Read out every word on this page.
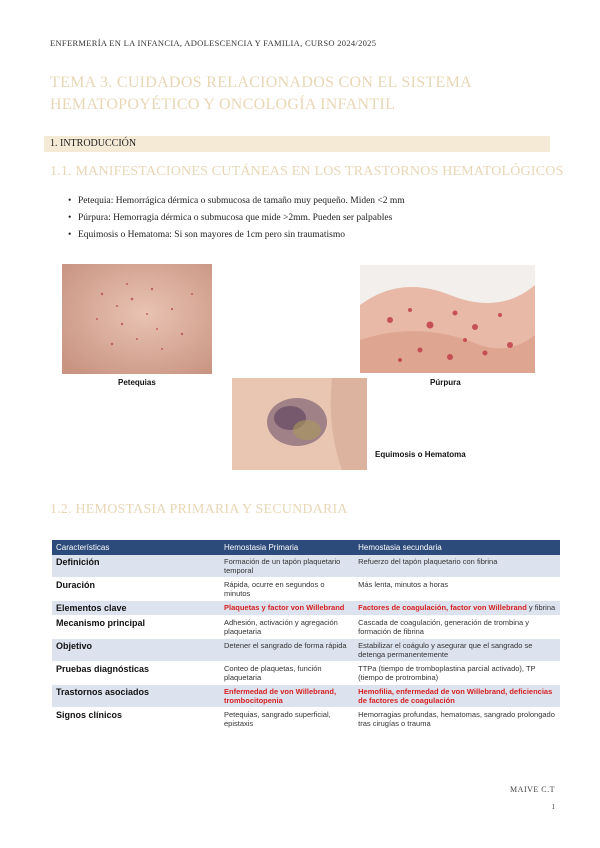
ENFERMERÍA EN LA INFANCIA, ADOLESCENCIA Y FAMILIA, CURSO 2024/2025
TEMA 3. CUIDADOS RELACIONADOS CON EL SISTEMA HEMATOPOYÉTICO Y ONCOLOGÍA INFANTIL
1. INTRODUCCIÓN
1.1. MANIFESTACIONES CUTÁNEAS EN LOS TRASTORNOS HEMATOLÓGICOS
• Petequia: Hemorrágica dérmica o submucosa de tamaño muy pequeño. Miden <2 mm
• Púrpura: Hemorragia dérmica o submucosa que mide >2mm. Pueden ser palpables
• Equimosis o Hematoma: Si son mayores de 1cm pero sin traumatismo
Petequias	Púrpura
Equimosis o Hematoma
1.2. HEMOSTASIA PRIMARIA Y SECUNDARIA
Características	Hemostasia Primaria	Hemostasia secundaria
Definición	Formación de un tapón plaquetario temporal	Refuerzo del tapón plaquetario con fibrina
Duración	Rápida, ocurre en segundos o minutos	Más lenta, minutos a horas
Elementos clave	Plaquetas y factor von Willebrand	Factores de coagulación, factor von Willebrand y fibrina
Mecanismo principal	Adhesión, activación y agregación plaquetaria	Cascada de coagulación, generación de trombina y formación de fibrina
Objetivo	Detener el sangrado de forma rápida	Estabilizar el coágulo y asegurar que el sangrado se detenga permanentemente
Pruebas diagnósticas	Conteo de plaquetas, función plaquetaria	TTPa (tiempo de tromboplastina parcial activado), TP (tiempo de protrombina)
Trastornos asociados	Enfermedad de von Willebrand, trombocitopenia	Hemofilia, enfermedad de von Willebrand, deficiencias de factores de coagulación
Signos clínicos	Petequias, sangrado superficial, epistaxis	Hemorragias profundas, hematomas, sangrado prolongado tras cirugías o trauma
MAIVE C.T
1
